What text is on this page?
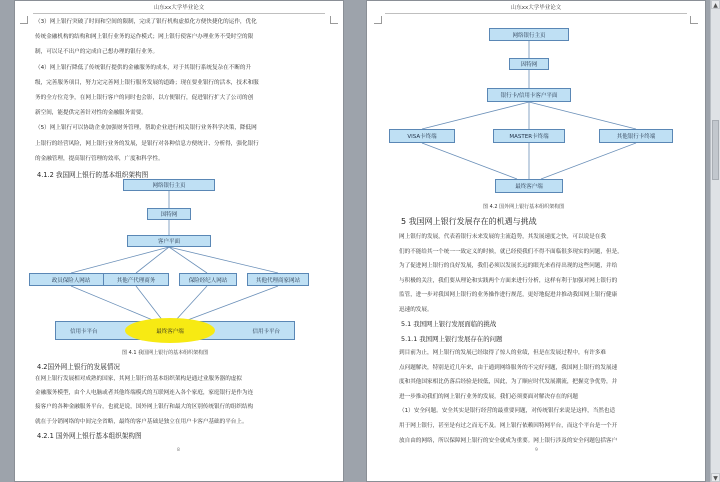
山东xx大学毕业论文
（3）网上银行突破了时间和空间的限制，完成了银行机构虚拟化方便快捷化的运作，优化
传统金融机构的结构和网上银行业务的运作模式；网上银行使客户办理业务不受时空的限
制，可以足不出户的完成自己想办理的银行业务。
（4）网上银行降低了传统银行提供的金融服务的成本，对于其银行系统复杂在不断的升
级，完善服务项目，努力完完善网上银行服务发展的道路；现在要业银行的活本，技术和服
务的全方位竞争，在网上银行客户的同时也会影，以方便银行，促进银行扩大了公司的创
新空间，能提供完善针对性的金融服务需要。
（5）网上银行可以协助企业加强财务管理，帮助企业进行相关银行业务科学决策，降低网
上银行的经营风险，网上银行业务的发展，是银行对各种信息方便统计、分析得，强化银行
的金融管理，提高银行管理的效率，广度和科学性。
4.1.2 我国网上银行的基本组织架构图
网络银行主页
国特网
客户平面
政员保险人网站	其他产代理商务	保险经纪人网站	其他代理商家网站
信用卡平台	信用卡平台
最终客户端
图 4.1 我国网上银行的基本组织架构图
4.2国外网上银行的发展情况
在网上银行发展相对成熟的国家，其网上银行的基本组织架构是通过业服务器的虚拟
金融服务模型，由个人电脑或者其他终端模式的互联网连入各个家庭，家庭银行是作为连
接客户的各种金融服务平台，也就是说，国外网上银行和最大的区别传统银行的组织结构
就在于分销网络的中间完全省略，最终的客户基础是独立在用户卡客户基础的平台上。
4.2.1 国外网上银行基本组织架构图
8
山东xx大学毕业论文
网络银行主页
因特网
银行卡/信用卡客户平面
VISA卡终端	MASTER卡终端	其他银行卡终端
最终客户端
图 4.2 国外网上银行基本组织架构图
5 我国网上银行发展存在的机遇与挑战
网上银行的发展，代表着银行未来发展的主流趋势，其发展速度之快，可以说是在我
们的不能给其一个统一一致定义的时候，就已经使我们不得不面临很多现实的问题，但是，
为了促进网上银行的良好发展，我们必须以发展长远的眼光来看待出现的这些问题，并给
与积极的关注，我们要从理论和实践两个方面来进行分析，这样有利于加强对网上银行的
监管，进一步对我国网上银行的业务操作进行规范，更好地促进并推动我国网上银行健康
迅速的发展。
5.1 我国网上银行发展面临的挑战
5.1.1 我国网上银行发展存在的问题
到目前为止，网上银行的发展已经取得了惊人的业绩，但是在发展过程中，有许多难
点问题解决，特别是近几年来，由于通到网络服务的不完好问题，我国网上银行的发展速
度和其他国家相比仍落后经验是较低，因此，为了顺应时代发展潮流，把握竞争优势，并
进一步推动我们的网上银行业务的发展，我们必须要面对解决存在的问题
（1）安全问题。安全其实是银行经营的最重要问题，对传统银行来说是这样，当然也适
用于网上银行，甚至是有过之而无不及。网上银行依赖因特网平台，而这个平台是一个开
放自由的网络，所以保障网上银行的安全就成为重要。网上银行涉及的安全问题包括客户
9
▲
▼
